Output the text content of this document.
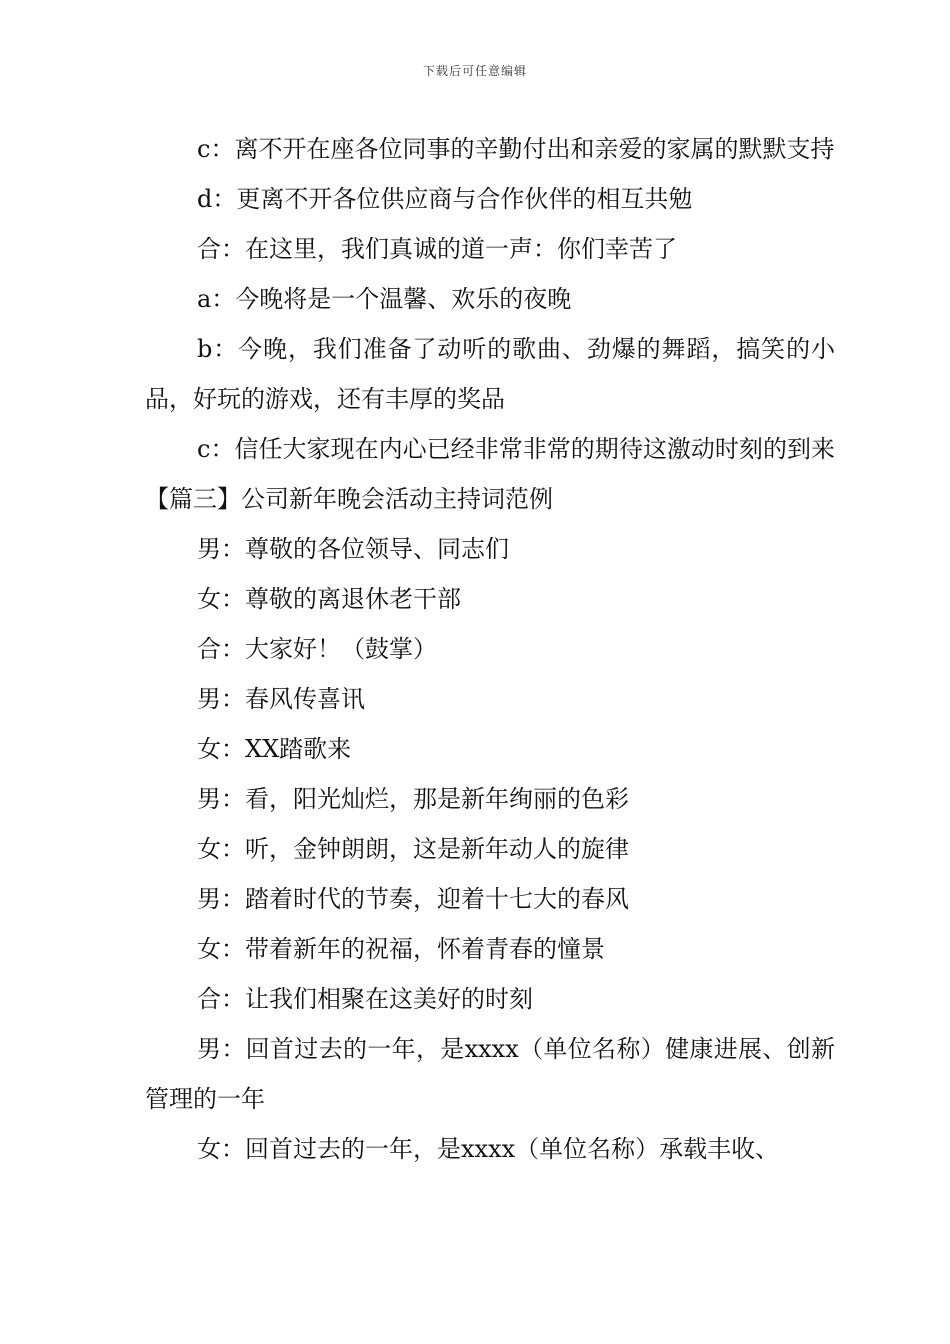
下载后可任意编辑

c：离不开在座各位同事的辛勤付出和亲爱的家属的默默支持

d：更离不开各位供应商与合作伙伴的相互共勉

合：在这里，我们真诚的道一声：你们幸苦了

a：今晚将是一个温馨、欢乐的夜晚

b：今晚，我们准备了动听的歌曲、劲爆的舞蹈，搞笑的小品，好玩的游戏，还有丰厚的奖品

c：信任大家现在内心已经非常非常的期待这激动时刻的到来【篇三】公司新年晚会活动主持词范例

男：尊敬的各位领导、同志们

女：尊敬的离退休老干部

合：大家好！（鼓掌）

男：春风传喜讯

女：XX踏歌来

男：看，阳光灿烂，那是新年绚丽的色彩

女：听，金钟朗朗，这是新年动人的旋律

男：踏着时代的节奏，迎着十七大的春风

女：带着新年的祝福，怀着青春的憧景

合：让我们相聚在这美好的时刻

男：回首过去的一年，是xxxx（单位名称）健康进展、创新管理的一年

女：回首过去的一年，是xxxx（单位名称）承载丰收、
